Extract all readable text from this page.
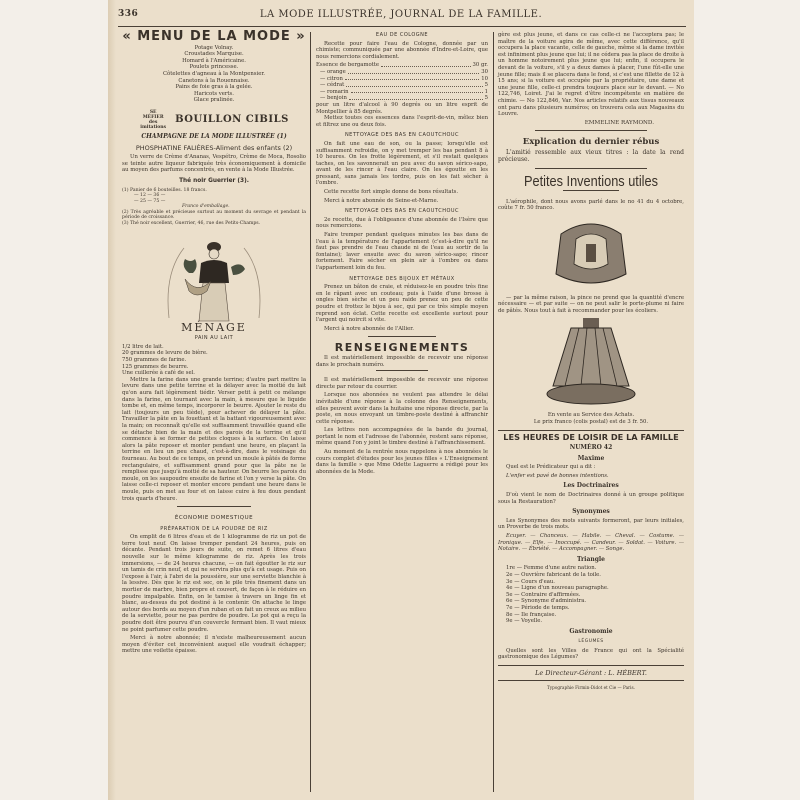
336	LA MODE ILLUSTRÉE, JOURNAL DE LA FAMILLE.
« MENU DE LA MODE »
Potage Volnay.
Croustades Marquise.
Homard à l'Américaine.
Poulets princesse.
Côtelettes d'agneau à la Montpensier.
Canetons à la Rouennaise.
Pains de foie gras à la gelée.
Haricots verts.
Glace pralinée.
SE MÉFIER des imitations
BOUILLON CIBILS
CHAMPAGNE DE LA MODE ILLUSTRÉE (1)
PHOSPHATINE FALIÈRES-Aliment des enfants (2)

Un verre de Crème d'Ananas, Vespétro, Crème de Moca, Rosolio se teinte autre liqueur fabriquée très économiquement à domicile au moyen des parfums concentrés, en vente à la Mode Illustrée.

Thé noir Guerrier (3).
(1) Panier de 6 bouteilles. 18 francs.
— 12 — 36 —
— 25 — 75 —
Franco d'emballage.
(2) Très agréable et précieuse surtout au moment du sevrage et pendant la période de croissance.
(3) Thé noir excellent, Guerrier, 46, rue des Petits-Champs.
MÉNAGE
PAIN AU LAIT
1/2 litre de lait.
20 grammes de levure de bière.
750 grammes de farine.
125 grammes de beurre.
Une cuillerée à café de sel.

Mettre la farine dans une grande terrine; d'autre part mettre la levure dans une petite terrine et la délayer avec la moitié du lait qu'on aura fait légèrement tiédir. Verser petit à petit ce mélange dans la farine, en tournant avec la main, à mesure que le liquide tombe et, en même temps, incorporer le beurre. Ajouter le reste du lait (toujours un peu tiède), pour achever de délayer la pâte. Travailler la pâte en la fouettant et la battant vigoureusement avec la main; on reconnaît qu'elle est suffisamment travaillée quand elle se détache bien de la main et des parois de la terrine et qu'il commence à se former de petites cloques à la surface. On laisse alors la pâte reposer et monter pendant une heure, en plaçant la terrine en lieu un peu chaud, c'est-à-dire, dans le voisinage du fourneau. Au bout de ce temps, on prend un moule à pâtés de forme rectangulaire, et suffisamment grand pour que la pâte ne le remplisse que jusqu'à moitié de sa hauteur. On beurre les parois du moule, on les saupoudre ensuite de farine et l'on y verse la pâte. On laisse celle-ci reposer et monter encore pendant une heure dans le moule, puis on met au four et on laisse cuire à feu doux pendant trois quarts d'heure.

ÉCONOMIE DOMESTIQUE
PRÉPARATION DE LA POUDRE DE RIZ

On emplit de 6 litres d'eau et de 1 kilogramme de riz un pot de terre tout neuf. On laisse tremper pendant 24 heures, puis on décante. Pendant trois jours de suite, on remet 6 litres d'eau nouvelle sur le même kilogramme de riz. Après les trois immersions, — de 24 heures chacune, — on fait égoutter le riz sur un tamis de crin neuf, et qui ne servira plus qu'à cet usage. Puis on l'expose à l'air, à l'abri de la poussière, sur une serviette blanchie à la lessive. Dès que le riz est sec, on le pile très finement dans un mortier de marbre, bien propre et couvert, de façon à le réduire en poudre impalpable. Enfin, on le tamise à travers un linge fin et blanc, au-dessus du pot destiné à le contenir. On attache le linge autour des bords au moyen d'un ruban et on fait un creux au milieu de la serviette, pour ne pas perdre de poudre. Le pot qui a reçu la poudre doit être pourvu d'un couvercle fermant bien. Il vaut mieux ne point parfumer cette poudre.

Merci à notre abonnée; il n'existe malheureusement aucun moyen d'éviter cet inconvénient auquel elle voudrait échapper; mettre une voilette épaisse.

EAU DE COLOGNE

Recette pour faire l'eau de Cologne, donnée par un chimiste; communiquée par une abonnée d'Indre-et-Loire, que nous remercions cordialement.

Essence de bergamotte	30 gr.
— orange	30
— citron	10
— cédrat	5
— romarin	1
— benjoin	5
pour un litre d'alcool à 90 degrés ou un litre esprit de Montpellier à 85 degrés.

Mettez toutes ces essences dans l'esprit-de-vin, mêlez bien et filtrez une ou deux fois.

NETTOYAGE DES BAS EN CAOUTCHOUC

On fait une eau de son, ou la passe; lorsqu'elle est suffisamment refroidie, on y met tremper les bas pendant 8 à 10 heures. On les frotte légèrement, et s'il restait quelques taches, on les savonnerait un peu avec du savon sérico-sapo, avant de les rincer à l'eau claire. On les égoutte en les pressant, sans jamais les tordre, puis on les fait sécher à l'ombre.

Cette recette fort simple donne de bons résultats.

Merci à notre abonnée de Seine-et-Marne.

NETTOYAGE DES BAS EN CAOUTCHOUC

2e recette, due à l'obligeance d'une abonnée de l'Isère que nous remercions.

Faire tremper pendant quelques minutes les bas dans de l'eau à la température de l'appartement (c'est-à-dire qu'il ne faut pas prendre de l'eau chaude ni de l'eau au sortir de la fontaine); laver ensuite avec du savon sérico-sapo; rincer fortement. Faire sécher en plein air à l'ombre ou dans l'appartement loin du feu.

NETTOYAGE DES BIJOUX ET MÉTAUX

Prenez un bâton de craie, et réduisez-le en poudre très fine en le râpant avec un couteau; puis à l'aide d'une brosse à ongles bien sèche et un peu raide prenez un peu de cette poudre et frottez le bijou à sec, qui par ce très simple moyen reprend son éclat. Cette recette est excellente surtout pour l'argent qui noircit si vite.

Merci à notre abonnée de l'Allier.

RENSEIGNEMENTS

Il est matériellement impossible de recevoir une réponse dans le prochain numéro.

Il est matériellement impossible de recevoir une réponse directe par retour du courrier.

Lorsque nos abonnées ne veulent pas attendre le délai inévitable d'une réponse à la colonne des Renseignements, elles peuvent avoir dans la huitaine une réponse directe, par la poste, en nous envoyant un timbre-poste destiné à affranchir cette réponse.

Les lettres non accompagnées de la bande du journal, portant le nom et l'adresse de l'abonnée, restent sans réponse, même quand l'on y joint le timbre destiné à l'affranchissement.

Au moment de la rentrée nous rappelons à nos abonnées le cours complet d'études pour les jeunes filles « L'Enseignement dans la famille » que Mme Odette Laguerre a rédigé pour les abonnées de la Mode.

gère est plus jeune, et dans ce cas celle-ci ne l'acceptera pas; le maître de la voiture agira de même, avec cette différence, qu'il occupera la place vacante, celle de gauche, même si la dame invitée est infiniment plus jeune que lui; il ne cédera pas la place de droite à un homme notoirement plus jeune que lui; enfin, il occupera le devant de la voiture, s'il y a deux dames à placer, l'une fût-elle une jeune fille; mais il se placera dans le fond, si c'est une fillette de 12 à 15 ans; si la voiture est occupée par la propriétaire, une dame et une jeune fille, celle-ci prendra toujours place sur le devant. — No 122,746, Loiret. J'ai le regret d'être incompétente en matière de chimie. — No 122,846, Var. Nos articles relatifs aux tissus nouveaux ont paru dans plusieurs numéros; on trouvera cela aux Magasins du Louvre.

EMMELINE RAYMOND.
Explication du dernier rébus

L'amitié ressemble aux vieux titres : la date la rend précieuse.

Petites Inventions utiles

L'aérophile, dont nous avons parlé dans le no 41 du 4 octobre, coûte 7 fr. 50 franco.

— par la même raison, la pince ne prend que la quantité d'encre nécessaire — et par suite — on ne peut salir le porte-plume ni faire de pâtés. Nous tout à fait à recommander pour les écoliers.

En vente au Service des Achats.
Le prix franco (colis postal) est de 3 fr. 50.
LES HEURES DE LOISIR DE LA FAMILLE
NUMÉRO 42
Maxime

Quel est le Prédicateur qui a dit :

L'enfer est pavé de bonnes intentions.

Les Doctrinaires

D'où vient le nom de Doctrinaires donné à un groupe politique sous la Restauration?

Synonymes

Les Synonymes des mots suivants formeront, par leurs initiales, un Proverbe de trois mots.

Ecuyer. — Chanceux. — Habile. — Cheval. — Costume. — Ironique. — Elfe. — Inoccupé. — Candeur. — Soldat. — Voiture. — Notaire. — Ébriété. — Accompagner. — Songe.

Triangle
1re — Femme d'une autre nation.
2e — Ouvrière fabricant de la toile.
3e — Cours d'eau.
4e — Ligne d'un nouveau paragraphe.
5e — Contraire d'affirmées.
6e — Synonyme d'administra.
7e — Période de temps.
8e — Ile française.
9e — Voyelle.
Gastronomie
LÉGUMES

Quelles sont les Villes de France qui ont la Spécialité gastronomique des Légumes?

Le Directeur-Gérant : L. HÉBERT.
Typographie Firmin-Didot et Cie — Paris.
